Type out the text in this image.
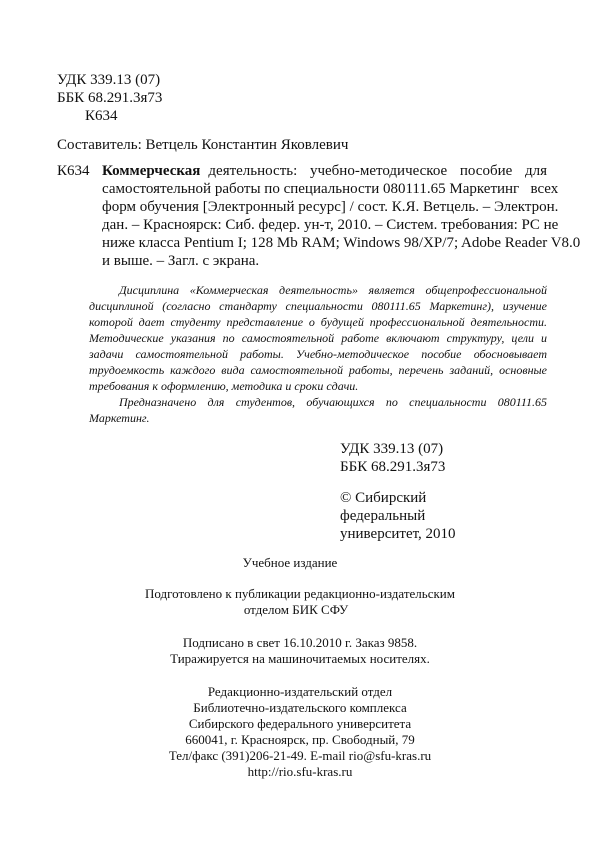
УДК 339.13 (07)
ББК 68.291.3я73
К634
Составитель: Ветцель Константин Яковлевич
К634 Коммерческая деятельность:  учебно-методическое  пособие  для
самостоятельной работы по специальности 080111.65 Маркетинг   всех
форм обучения [Электронный ресурс] / сост. К.Я. Ветцель. – Электрон.
дан. – Красноярск: Сиб. федер. ун-т, 2010. – Систем. требования: PC не
ниже класса Pentium I; 128 Mb RAM; Windows 98/XP/7; Adobe Reader V8.0
и выше. – Загл. с экрана.
Дисциплина «Коммерческая деятельность» является общепрофессиональной
дисциплиной (согласно стандарту специальности 080111.65 Маркетинг), изучение
которой дает студенту представление о будущей профессиональной деятельности.
Методические указания по самостоятельной работе включают структуру, цели и
задачи самостоятельной работы. Учебно-методическое пособие обосновывает
трудоемкость каждого вида самостоятельной работы, перечень заданий, основные
требования к оформлению, методика и сроки сдачи.
Предназначено для студентов, обучающихся по специальности 080111.65
Маркетинг.
УДК 339.13 (07)
ББК 68.291.3я73
© Сибирский
федеральный
университет, 2010
Учебное издание
Подготовлено к публикации редакционно-издательским
отделом БИК СФУ
Подписано в свет 16.10.2010 г. Заказ 9858.
Тиражируется на машиночитаемых носителях.
Редакционно-издательский отдел
Библиотечно-издательского комплекса
Сибирского федерального университета
660041, г. Красноярск, пр. Свободный, 79
Тел/факс (391)206-21-49. E-mail rio@sfu-kras.ru
http://rio.sfu-kras.ru
